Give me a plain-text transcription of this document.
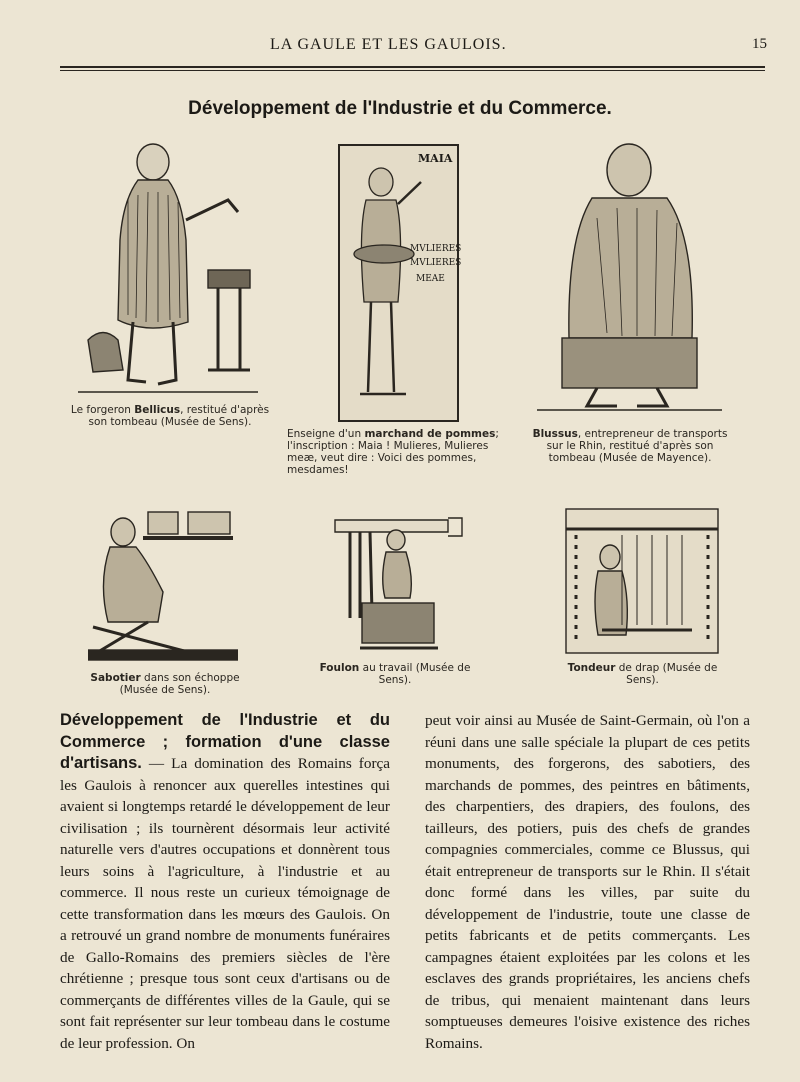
LA GAULE ET LES GAULOIS.	15
Développement de l'Industrie et du Commerce.
Le forgeron Bellicus, restitué d'après son tombeau (Musée de Sens).
MAIA
MVLIERES
MVLIERES
MEAE
Enseigne d'un marchand de pommes; l'inscription : Maia ! Mulieres, Mulieres meæ, veut dire : Voici des pommes, mesdames!
Blussus, entrepreneur de transports sur le Rhin, restitué d'après son tombeau (Musée de Mayence).
Sabotier dans son échoppe (Musée de Sens).
Foulon au travail (Musée de Sens).
Tondeur de drap (Musée de Sens).
Développement de l'Industrie et du Commerce ; formation d'une classe d'artisans. — La domination des Romains força les Gaulois à renoncer aux querelles intestines qui avaient si longtemps retardé le développement de leur civilisation ; ils tournèrent désormais leur activité naturelle vers d'autres occupations et donnèrent tous leurs soins à l'agriculture, à l'industrie et au commerce. Il nous reste un curieux témoignage de cette transformation dans les mœurs des Gaulois. On a retrouvé un grand nombre de monuments funéraires de Gallo-Romains des premiers siècles de l'ère chrétienne ; presque tous sont ceux d'artisans ou de commerçants de différentes villes de la Gaule, qui se sont fait représenter sur leur tombeau dans le costume de leur profession. On
peut voir ainsi au Musée de Saint-Germain, où l'on a réuni dans une salle spéciale la plupart de ces petits monuments, des forgerons, des sabotiers, des marchands de pommes, des peintres en bâtiments, des charpentiers, des drapiers, des foulons, des tailleurs, des potiers, puis des chefs de grandes compagnies commerciales, comme ce Blussus, qui était entrepreneur de transports sur le Rhin. Il s'était donc formé dans les villes, par suite du développement de l'industrie, toute une classe de petits fabricants et de petits commerçants. Les campagnes étaient exploitées par les colons et les esclaves des grands propriétaires, les anciens chefs de tribus, qui menaient maintenant dans leurs somptueuses demeures l'oisive existence des riches Romains.
